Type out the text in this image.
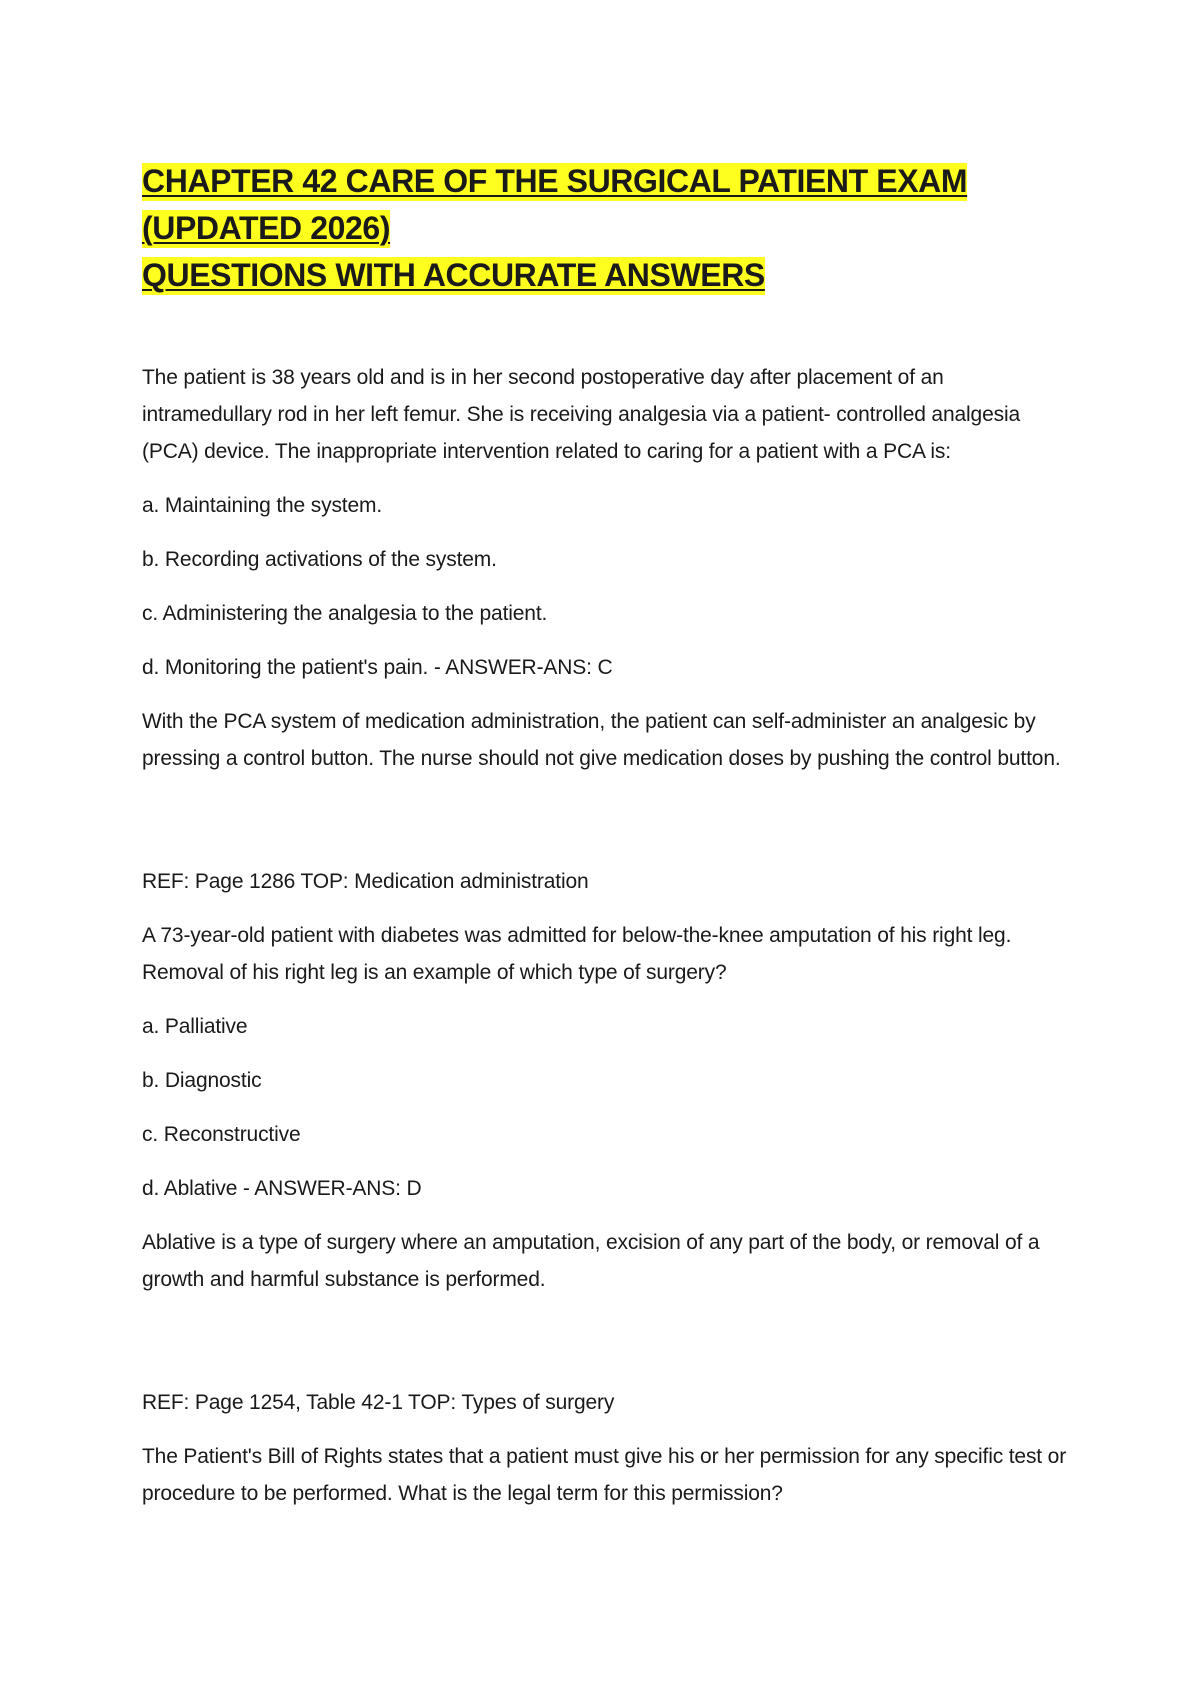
CHAPTER 42 CARE OF THE SURGICAL PATIENT EXAM
(UPDATED 2026)
QUESTIONS WITH ACCURATE ANSWERS

The patient is 38 years old and is in her second postoperative day after placement of an intramedullary rod in her left femur. She is receiving analgesia via a patient- controlled analgesia (PCA) device. The inappropriate intervention related to caring for a patient with a PCA is:

a. Maintaining the system.

b. Recording activations of the system.

c. Administering the analgesia to the patient.

d. Monitoring the patient's pain. - ANSWER-ANS: C

With the PCA system of medication administration, the patient can self-administer an analgesic by pressing a control button. The nurse should not give medication doses by pushing the control button.

REF: Page 1286 TOP: Medication administration

A 73-year-old patient with diabetes was admitted for below-the-knee amputation of his right leg. Removal of his right leg is an example of which type of surgery?

a. Palliative

b. Diagnostic

c. Reconstructive

d. Ablative - ANSWER-ANS: D

Ablative is a type of surgery where an amputation, excision of any part of the body, or removal of a growth and harmful substance is performed.

REF: Page 1254, Table 42-1 TOP: Types of surgery

The Patient's Bill of Rights states that a patient must give his or her permission for any specific test or procedure to be performed. What is the legal term for this permission?
